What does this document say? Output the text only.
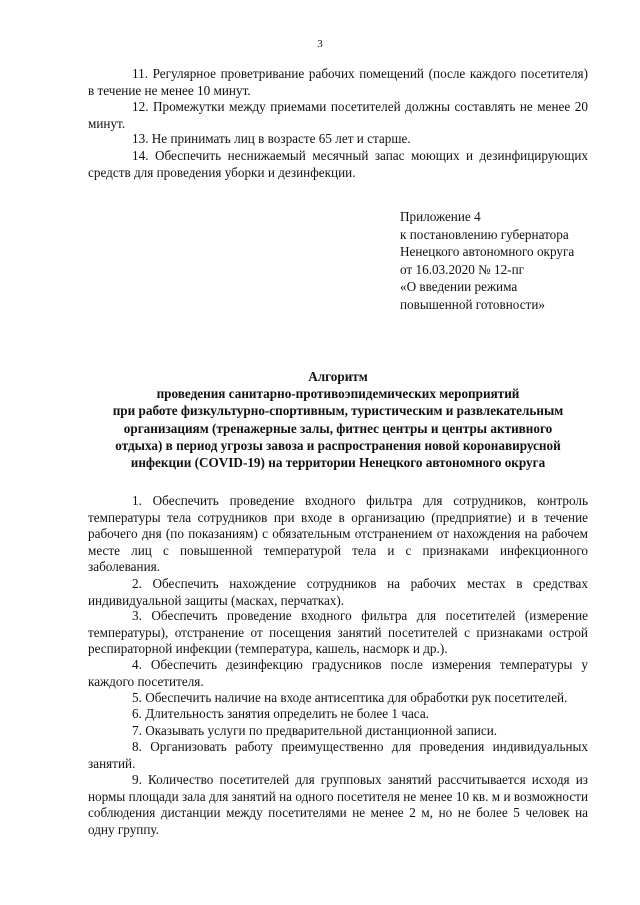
3
11. Регулярное проветривание рабочих помещений (после каждого посетителя) в течение не менее 10 минут.
12. Промежутки между приемами посетителей должны составлять не менее 20 минут.
13. Не принимать лиц в возрасте 65 лет и старше.
14. Обеспечить неснижаемый месячный запас моющих и дезинфицирующих средств для проведения уборки и дезинфекции.
Приложение 4
к постановлению губернатора
Ненецкого автономного округа
от 16.03.2020 № 12-пг
«О введении режима
повышенной готовности»
Алгоритм
проведения санитарно-противоэпидемических мероприятий
при работе физкультурно-спортивным, туристическим и развлекательным
организациям (тренажерные залы, фитнес центры и центры активного
отдыха) в период угрозы завоза и распространения новой коронавирусной
инфекции (COVID-19) на территории Ненецкого автономного округа
1. Обеспечить проведение входного фильтра для сотрудников, контроль температуры тела сотрудников при входе в организацию (предприятие) и в течение рабочего дня (по показаниям) с обязательным отстранением от нахождения на рабочем месте лиц с повышенной температурой тела и с признаками инфекционного заболевания.
2. Обеспечить нахождение сотрудников на рабочих местах в средствах индивидуальной защиты (масках, перчатках).
3. Обеспечить проведение входного фильтра для посетителей (измерение температуры), отстранение от посещения занятий посетителей с признаками острой респираторной инфекции (температура, кашель, насморк и др.).
4. Обеспечить дезинфекцию градусников после измерения температуры у каждого посетителя.
5. Обеспечить наличие на входе антисептика для обработки рук посетителей.
6. Длительность занятия определить не более 1 часа.
7. Оказывать услуги по предварительной дистанционной записи.
8. Организовать работу преимущественно для проведения индивидуальных занятий.
9. Количество посетителей для групповых занятий рассчитывается исходя из нормы площади зала для занятий на одного посетителя не менее 10 кв. м и возможности соблюдения дистанции между посетителями не менее 2 м, но не более 5 человек на одну группу.
